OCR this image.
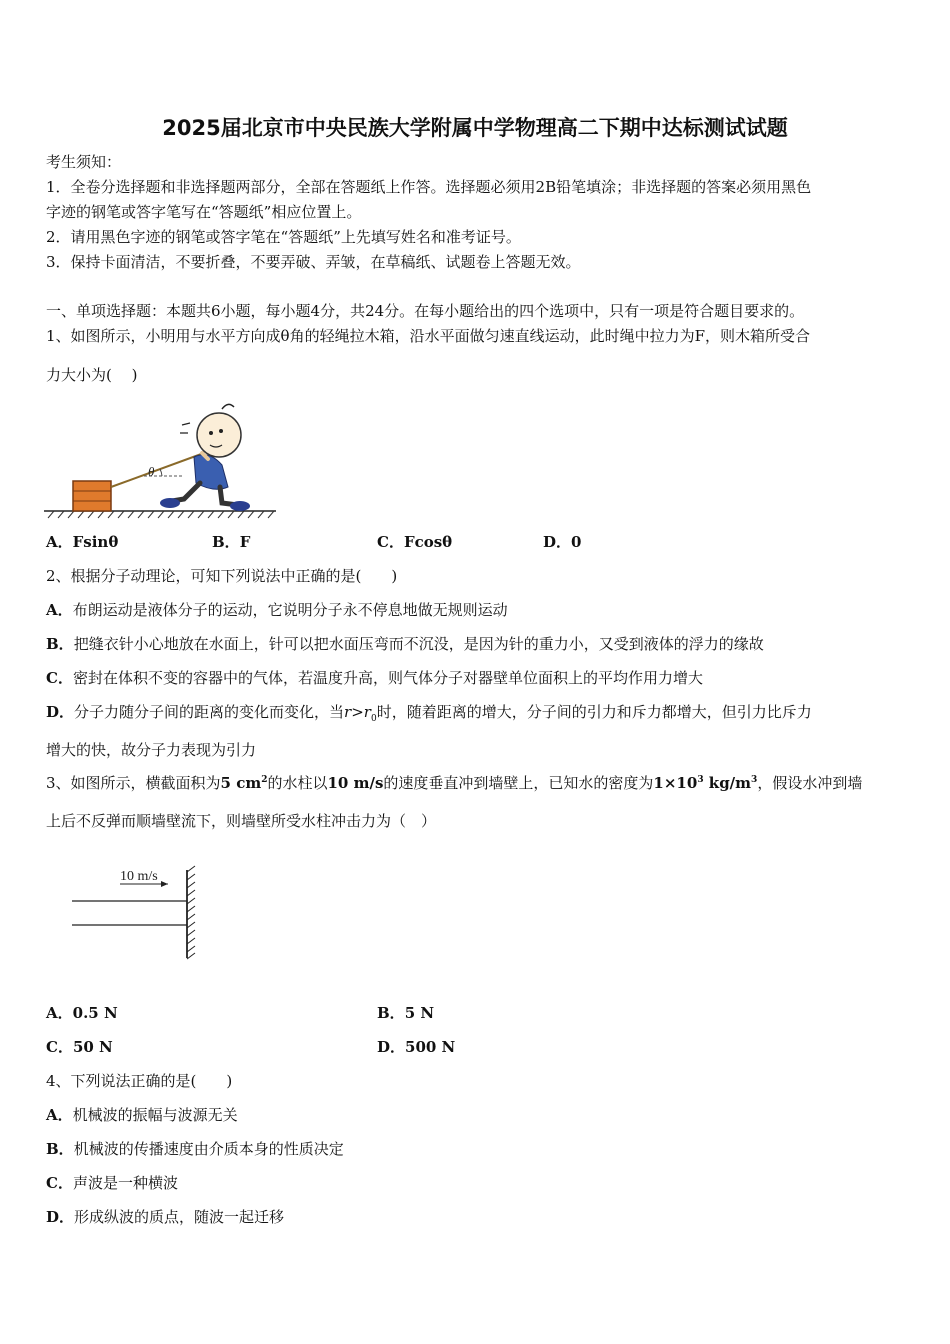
2025届北京市中央民族大学附属中学物理高二下期中达标测试试题
考生须知：
1．全卷分选择题和非选择题两部分，全部在答题纸上作答。选择题必须用2B铅笔填涂；非选择题的答案必须用黑色
字迹的钢笔或答字笔写在“答题纸”相应位置上。
2．请用黑色字迹的钢笔或答字笔在“答题纸”上先填写姓名和准考证号。
3．保持卡面清洁，不要折叠，不要弄破、弄皱，在草稿纸、试题卷上答题无效。
一、单项选择题：本题共6小题，每小题4分，共24分。在每小题给出的四个选项中，只有一项是符合题目要求的。
1、如图所示，小明用与水平方向成θ角的轻绳拉木箱，沿水平面做匀速直线运动，此时绳中拉力为F，则木箱所受合
力大小为(　 )
θ
A．Fsinθ	B．F	C．Fcosθ	D．0
2、根据分子动理论，可知下列说法中正确的是(　　)
A．布朗运动是液体分子的运动，它说明分子永不停息地做无规则运动
B．把缝衣针小心地放在水面上，针可以把水面压弯而不沉没，是因为针的重力小，又受到液体的浮力的缘故
C．密封在体积不变的容器中的气体，若温度升高，则气体分子对器壁单位面积上的平均作用力增大
D．分子力随分子间的距离的变化而变化，当$r>r_0$时，随着距离的增大，分子间的引力和斥力都增大，但引力比斥力
增大的快，故分子力表现为引力
3、如图所示，横截面积为5 $cm^2$的水柱以10 m/s的速度垂直冲到墙壁上，已知水的密度为$1\times 10^3$ $kg/m^3$，假设水冲到墙
上后不反弹而顺墙壁流下，则墙壁所受水柱冲击力为（　）
10 m/s
A．0.5 N	B．5 N
C．50 N	D．500 N
4、下列说法正确的是(　　)
A．机械波的振幅与波源无关
B．机械波的传播速度由介质本身的性质决定
C．声波是一种横波
D．形成纵波的质点，随波一起迁移
